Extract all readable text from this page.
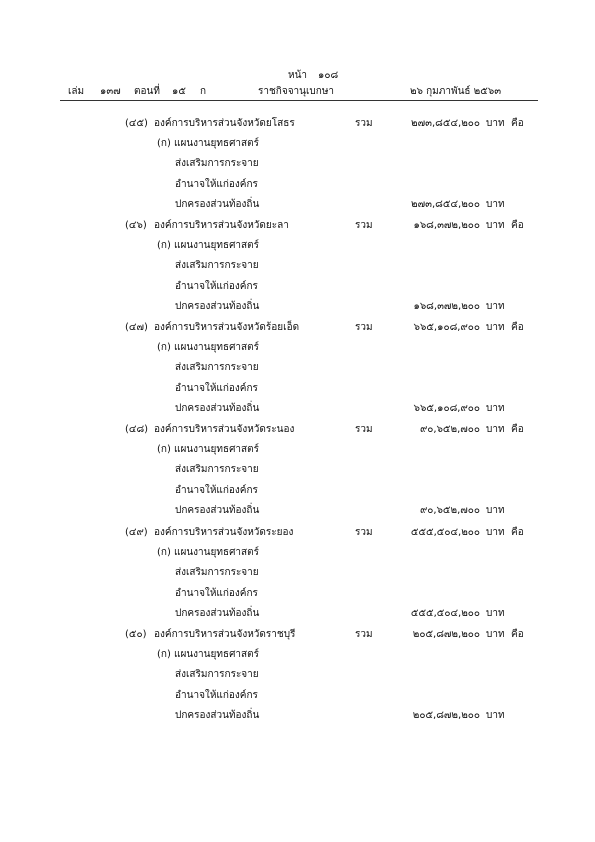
หน้า ๑๐๘
เล่ม ๑๓๗ ตอนที่ ๑๕ ก	ราชกิจจานุเบกษา	๒๖ กุมภาพันธ์ ๒๕๖๓
(๔๕) องค์การบริหารส่วนจังหวัดยโสธร	รวม	๒๗๓,๘๕๔,๒๐๐ บาท คือ
(ก) แผนงานยุทธศาสตร์
ส่งเสริมการกระจาย
อำนาจให้แก่องค์กร
ปกครองส่วนท้องถิ่น	๒๗๓,๘๕๔,๒๐๐ บาท
(๔๖) องค์การบริหารส่วนจังหวัดยะลา	รวม	๑๖๘,๓๗๒,๒๐๐ บาท คือ
(ก) แผนงานยุทธศาสตร์
ส่งเสริมการกระจาย
อำนาจให้แก่องค์กร
ปกครองส่วนท้องถิ่น	๑๖๘,๓๗๒,๒๐๐ บาท
(๔๗) องค์การบริหารส่วนจังหวัดร้อยเอ็ด	รวม	๖๖๕,๑๐๘,๙๐๐ บาท คือ
(ก) แผนงานยุทธศาสตร์
ส่งเสริมการกระจาย
อำนาจให้แก่องค์กร
ปกครองส่วนท้องถิ่น	๖๖๕,๑๐๘,๙๐๐ บาท
(๔๘) องค์การบริหารส่วนจังหวัดระนอง	รวม	๙๐,๖๕๒,๗๐๐ บาท คือ
(ก) แผนงานยุทธศาสตร์
ส่งเสริมการกระจาย
อำนาจให้แก่องค์กร
ปกครองส่วนท้องถิ่น	๙๐,๖๕๒,๗๐๐ บาท
(๔๙) องค์การบริหารส่วนจังหวัดระยอง	รวม	๕๕๕,๕๐๔,๒๐๐ บาท คือ
(ก) แผนงานยุทธศาสตร์
ส่งเสริมการกระจาย
อำนาจให้แก่องค์กร
ปกครองส่วนท้องถิ่น	๕๕๕,๕๐๔,๒๐๐ บาท
(๕๐) องค์การบริหารส่วนจังหวัดราชบุรี	รวม	๒๐๕,๘๗๒,๒๐๐ บาท คือ
(ก) แผนงานยุทธศาสตร์
ส่งเสริมการกระจาย
อำนาจให้แก่องค์กร
ปกครองส่วนท้องถิ่น	๒๐๕,๘๗๒,๒๐๐ บาท
